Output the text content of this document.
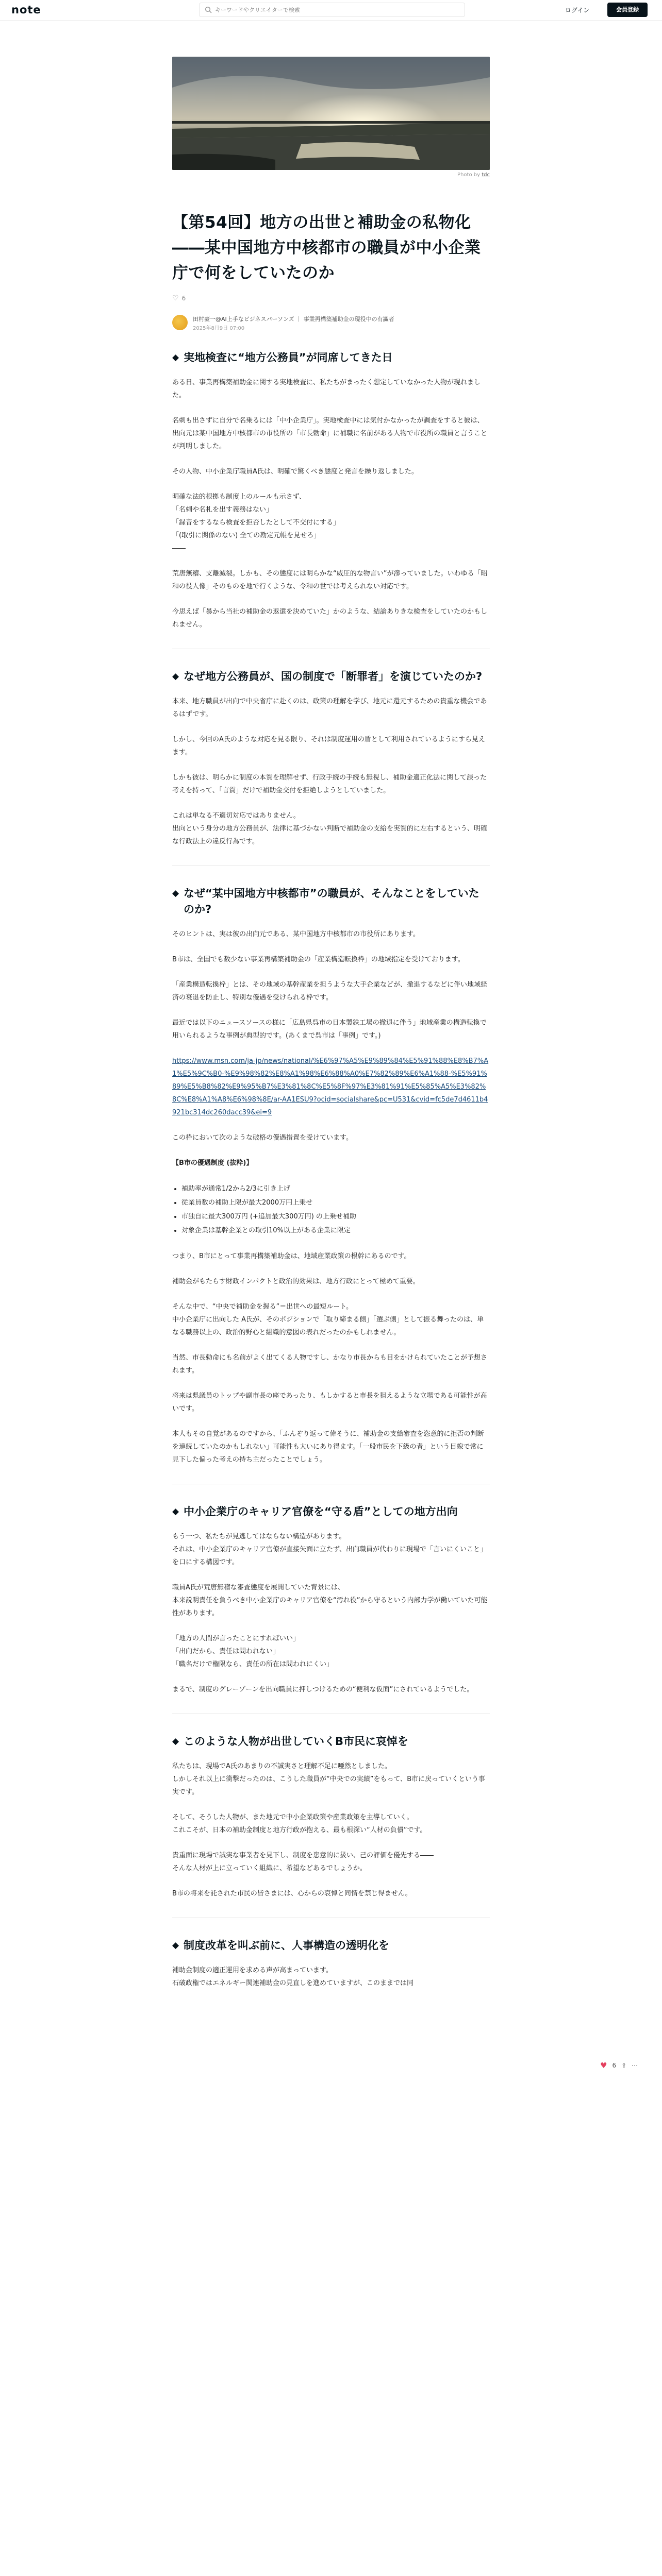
note
キーワードやクリエイターで検索	ログイン	会員登録
Photo by tdc
【第54回】地方の出世と補助金の私物化――某中国地方中核都市の職員が中小企業庁で何をしていたのか
♡ 6
田村豪一@AI上手なビジネスパーソンズ ｜ 事業再構築補助金の現役中の有識者
2025年8月9日 07:00
◆ 実地検査に“地方公務員”が同席してきた日

ある日、事業再構築補助金に関する実地検査に、私たちがまったく想定していなかった人物が現れました。

名刺も出さずに自分で名乗るには「中小企業庁」。実地検査中には気付かなかったが調査をすると彼は、出向元は某中国地方中核都市の市役所の「市長勅命」に補職に名前がある人物で市役所の職員と言うことが判明しました。

その人物、中小企業庁職員A氏は、明確で驚くべき態度と発言を繰り返しました。

明確な法的根拠も制度上のルールも示さず、
「名刺や名札を出す義務はない」
「録音をするなら検査を拒否したとして不交付にする」
「(取引に関係のない) 全ての勘定元帳を見せろ」
――

荒唐無稽、支離滅裂。しかも、その態度には明らかな“威圧的な物言い”が滲っていました。いわゆる「昭和の役人像」そのものを地で行くような、令和の世では考えられない対応です。

今思えば「暴から当社の補助金の返還を決めていた」かのような、結論ありきな検査をしていたのかもしれません。

◆ なぜ地方公務員が、国の制度で「断罪者」を演じていたのか?

本来、地方職員が出向で中央省庁に赴くのは、政策の理解を学び、地元に還元するための貴重な機会であるはずです。

しかし、今回のA氏のような対応を見る限り、それは制度運用の盾として利用されているようにすら見えます。

しかも彼は、明らかに制度の本質を理解せず、行政手続の手続も無視し、補助金適正化法に関して誤った考えを持って、「言質」だけで補助金交付を拒絶しようとしていました。

これは単なる不適切対応ではありません。
出向という身分の地方公務員が、法律に基づかない判断で補助金の支給を実質的に左右するという、明確な行政法上の違反行為です。

◆ なぜ“某中国地方中核都市”の職員が、そんなことをしていたのか?

そのヒントは、実は彼の出向元である、某中国地方中核都市の市役所にあります。

B市は、全国でも数少ない事業再構築補助金の「産業構造転換枠」の地域指定を受けております。

「産業構造転換枠」とは、その地域の基幹産業を担うような大手企業などが、撤退するなどに伴い地域経済の衰退を防止し、特別な優遇を受けられる枠です。

最近では以下のニュースソースの様に「広島県呉市の日本製鉄工場の撤退に伴う」地域産業の構造転換で用いられるような事例が典型的です。(あくまで呉市は「事例」です。)

https://www.msn.com/ja-jp/news/national/%E6%97%A5%E9%89%84%E5%91%88%E8%B7%A1%E5%9C%B0-%E9%98%82%E8%A1%98%E6%88%A0%E7%82%89%E6%A1%88-%E5%91%89%E5%B8%82%E9%95%B7%E3%81%8C%E5%8F%97%E3%81%91%E5%85%A5%E3%82%8C%E8%A1%A8%E6%98%8E/ar-AA1ESU9?ocid=socialshare&pc=U531&cvid=fc5de7d4611b4921bc314dc260dacc39&ei=9

この枠において次のような破格の優遇措置を受けています。

【B市の優遇制度 (抜粋)】

• 補助率が通常1/2から2/3に引き上げ
• 従業員数の補助上限が最大2000万円上乗せ
• 市独自に最大300万円 (+追加最大300万円) の上乗せ補助
• 対象企業は基幹企業との取引10%以上がある企業に限定

つまり、B市にとって事業再構築補助金は、地域産業政策の根幹にあるのです。

補助金がもたらす財政インパクトと政治的効果は、地方行政にとって極めて重要。

そんな中で、“中央で補助金を握る”＝出世への最短ルート。
中小企業庁に出向した A氏が、そのポジションで「取り締まる側」「選ぶ側」として振る舞ったのは、単なる職務以上の、政治的野心と組織的意図の表れだったのかもしれません。

当然、市長勅命にも名前がよく出てくる人物ですし、かなり市長からも目をかけられていたことが予想されます。

将来は県議員のトップや副市長の座であったり、もしかすると市長を狙えるような立場である可能性が高いです。

本人もその自覚があるのですから、「ふんぞり返って偉そうに、補助金の支給審査を恣意的に拒否の判断を連続していたのかもしれない」可能性も大いにあり得ます。「一般市民を下級の者」という目線で常に見下した偏った考えの持ち主だったことでしょう。

◆ 中小企業庁のキャリア官僚を“守る盾”としての地方出向

もう一つ、私たちが見逃してはならない構造があります。
それは、中小企業庁のキャリア官僚が直接矢面に立たず、出向職員が代わりに現場で「言いにくいこと」を口にする構図です。

職員A氏が荒唐無稽な審査態度を展開していた背景には、
本来説明責任を負うべき中小企業庁のキャリア官僚を“汚れ役”から守るという内部力学が働いていた可能性があります。

「地方の人間が言ったことにすればいい」
「出向だから、責任は問われない」
「職名だけで権限なら、責任の所在は問われにくい」

まるで、制度のグレーゾーンを出向職員に押しつけるための“便利な仮面”にされているようでした。

◆ このような人物が出世していくB市民に哀悼を

私たちは、現場でA氏のあまりの不誠実さと理解不足に唖然としました。
しかしそれ以上に衝撃だったのは、こうした職員が“中央での実績”をもって、B市に戻っていくという事実です。

そして、そうした人物が、また地元で中小企業政策や産業政策を主導していく。
これこそが、日本の補助金制度と地方行政が抱える、最も根深い“人材の負債”です。

貴重面に現場で誠実な事業者を見下し、制度を恣意的に扱い、己の評価を優先する――
そんな人材が上に立っていく組織に、希望などあるでしょうか。

B市の将来を託された市民の皆さまには、心からの哀悼と同情を禁じ得ません。

◆ 制度改革を叫ぶ前に、人事構造の透明化を

補助金制度の適正運用を求める声が高まっています。
石破政権ではエネルギー関連補助金の見直しを進めていますが、このままでは同

♥ 6 ⇪ ⋯
